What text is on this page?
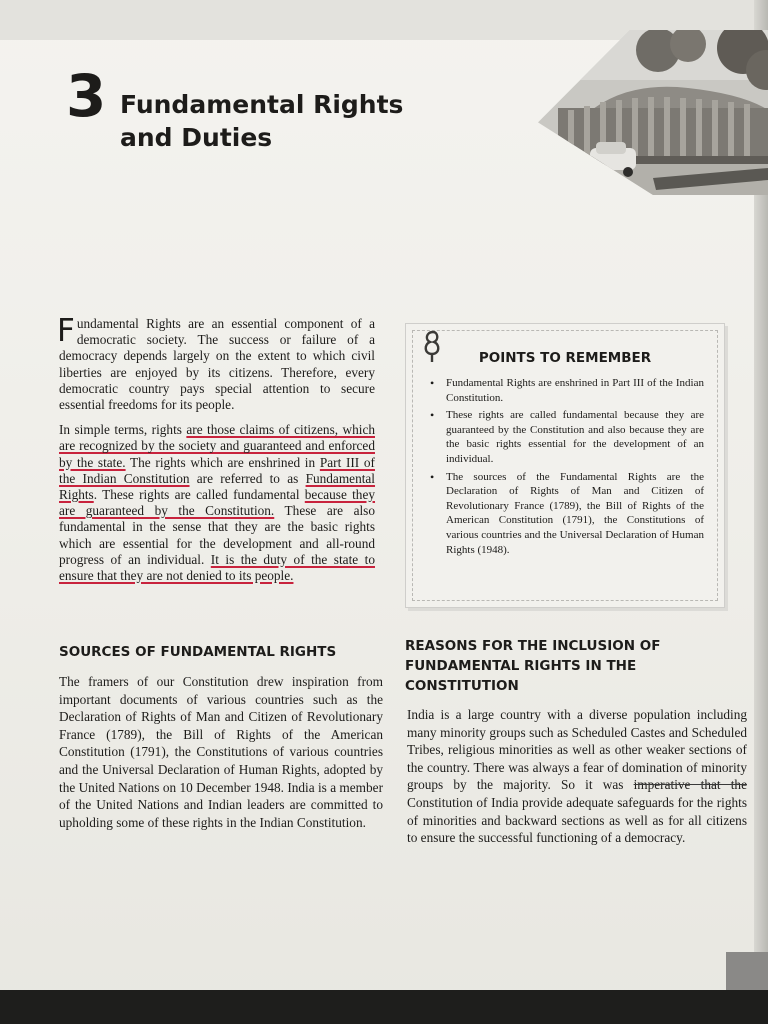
3 Fundamental Rights
and Duties

Fundamental Rights are an essential component of a democratic society. The success or failure of a democracy depends largely on the extent to which civil liberties are enjoyed by its citizens. Therefore, every democratic country pays special attention to secure essential freedoms for its people.

In simple terms, rights are those claims of citizens, which are recognized by the society and guaranteed and enforced by the state. The rights which are enshrined in Part III of the Indian Constitution are referred to as Fundamental Rights. These rights are called fundamental because they are guaranteed by the Constitution. These are also fundamental in the sense that they are the basic rights which are essential for the development and all-round progress of an individual. It is the duty of the state to ensure that they are not denied to its people.

POINTS TO REMEMBER
• Fundamental Rights are enshrined in Part III of the Indian Constitution.
• These rights are called fundamental because they are guaranteed by the Constitution and also because they are the basic rights essential for the development of an individual.
• The sources of the Fundamental Rights are the Declaration of Rights of Man and Citizen of Revolutionary France (1789), the Bill of Rights of the American Constitution (1791), the Constitutions of various countries and the Universal Declaration of Human Rights (1948).
SOURCES OF FUNDAMENTAL RIGHTS

The framers of our Constitution drew inspiration from important documents of various countries such as the Declaration of Rights of Man and Citizen of Revolutionary France (1789), the Bill of Rights of the American Constitution (1791), the Constitutions of various countries and the Universal Declaration of Human Rights, adopted by the United Nations on 10 December 1948. India is a member of the United Nations and Indian leaders are committed to upholding some of these rights in the Indian Constitution.

REASONS FOR THE INCLUSION OF FUNDAMENTAL RIGHTS IN THE CONSTITUTION

India is a large country with a diverse population including many minority groups such as Scheduled Castes and Scheduled Tribes, religious minorities as well as other weaker sections of the country. There was always a fear of domination of minority groups by the majority. So it was imperative that the Constitution of India provide adequate safeguards for the rights of minorities and backward sections as well as for all citizens to ensure the successful functioning of a democracy.
